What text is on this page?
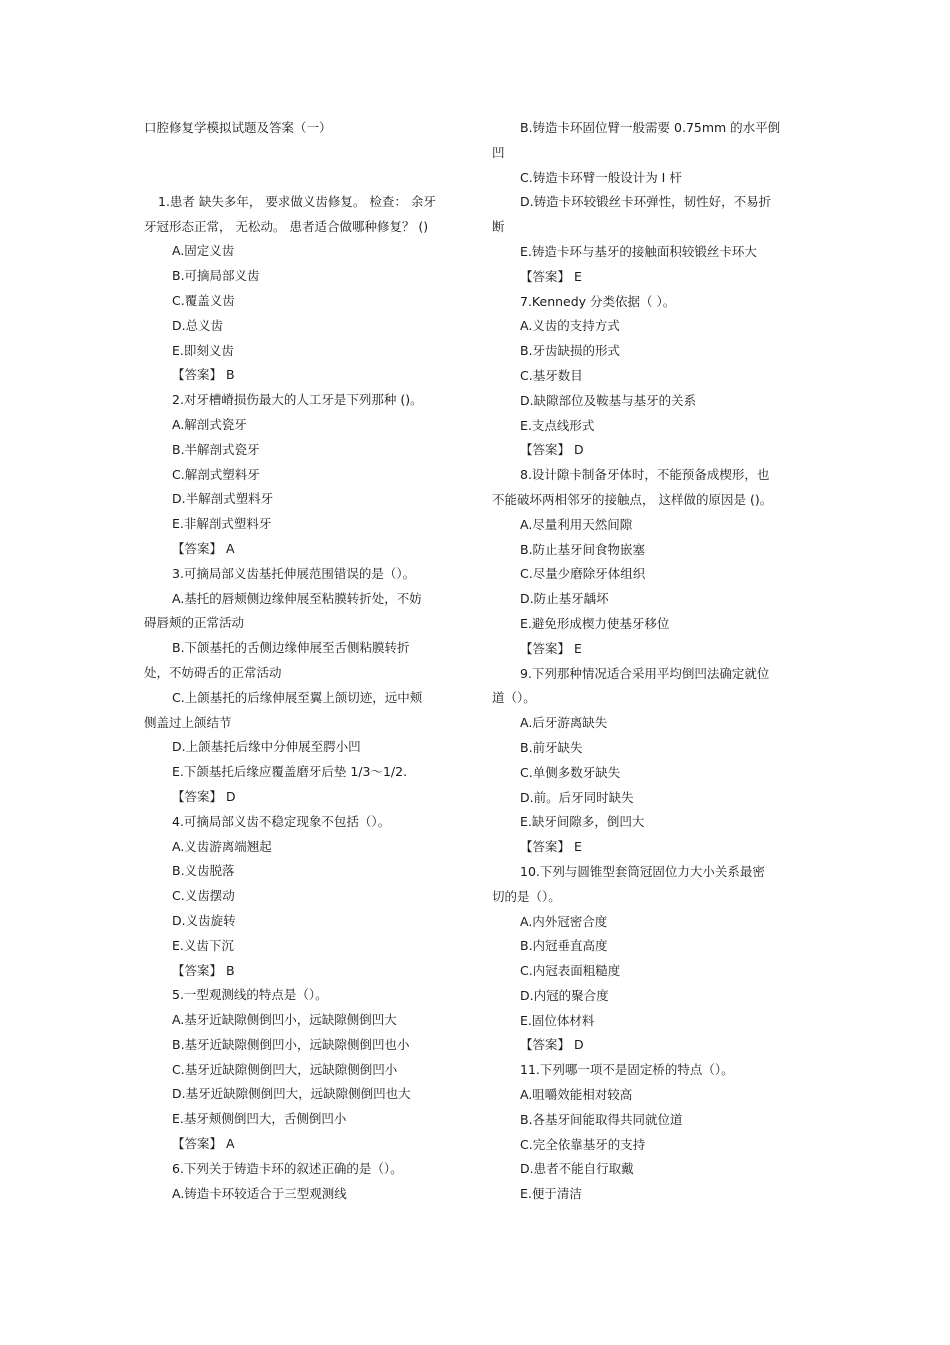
口腔修复学模拟试题及答案（一）
1.患者 缺失多年， 要求做义齿修复。 检查： 余牙
牙冠形态正常， 无松动。 患者适合做哪种修复？ ()
A.固定义齿
B.可摘局部义齿
C.覆盖义齿
D.总义齿
E.即刻义齿
【答案】 B
2.对牙槽嵴损伤最大的人工牙是下列那种 ()。
A.解剖式瓷牙
B.半解剖式瓷牙
C.解剖式塑料牙
D.半解剖式塑料牙
E.非解剖式塑料牙
【答案】 A
3.可摘局部义齿基托伸展范围错误的是（）。
A.基托的唇颊侧边缘伸展至粘膜转折处，不妨
碍唇颊的正常活动
B.下颌基托的舌侧边缘伸展至舌侧粘膜转折
处，不妨碍舌的正常活动
C.上颌基托的后缘伸展至翼上颌切迹，远中颊
侧盖过上颌结节
D.上颌基托后缘中分伸展至腭小凹
E.下颌基托后缘应覆盖磨牙后垫 1/3～1/2.
【答案】 D
4.可摘局部义齿不稳定现象不包括（）。
A.义齿游离端翘起
B.义齿脱落
C.义齿摆动
D.义齿旋转
E.义齿下沉
【答案】 B
5.一型观测线的特点是（）。
A.基牙近缺隙侧倒凹小，远缺隙侧倒凹大
B.基牙近缺隙侧倒凹小，远缺隙侧倒凹也小
C.基牙近缺隙侧倒凹大，远缺隙侧倒凹小
D.基牙近缺隙侧倒凹大，远缺隙侧倒凹也大
E.基牙颊侧倒凹大，舌侧倒凹小
【答案】 A
6.下列关于铸造卡环的叙述正确的是（）。
A.铸造卡环较适合于三型观测线
B.铸造卡环固位臂一般需要 0.75mm 的水平倒
凹
C.铸造卡环臂一般设计为 I 杆
D.铸造卡环较锻丝卡环弹性，韧性好，不易折
断
E.铸造卡环与基牙的接触面积较锻丝卡环大
【答案】 E
7.Kennedy 分类依据（ ）。
A.义齿的支持方式
B.牙齿缺损的形式
C.基牙数目
D.缺隙部位及鞍基与基牙的关系
E.支点线形式
【答案】 D
8.设计隙卡制备牙体时，不能预备成楔形，也
不能破坏两相邻牙的接触点， 这样做的原因是 ()。
A.尽量利用天然间隙
B.防止基牙间食物嵌塞
C.尽量少磨除牙体组织
D.防止基牙龋坏
E.避免形成楔力使基牙移位
【答案】 E
9.下列那种情况适合采用平均倒凹法确定就位
道（）。
A.后牙游离缺失
B.前牙缺失
C.单侧多数牙缺失
D.前。后牙同时缺失
E.缺牙间隙多，倒凹大
【答案】 E
10.下列与圆锥型套筒冠固位力大小关系最密
切的是（）。
A.内外冠密合度
B.内冠垂直高度
C.内冠表面粗糙度
D.内冠的聚合度
E.固位体材料
【答案】 D
11.下列哪一项不是固定桥的特点（）。
A.咀嚼效能相对较高
B.各基牙间能取得共同就位道
C.完全依靠基牙的支持
D.患者不能自行取戴
E.便于清洁
